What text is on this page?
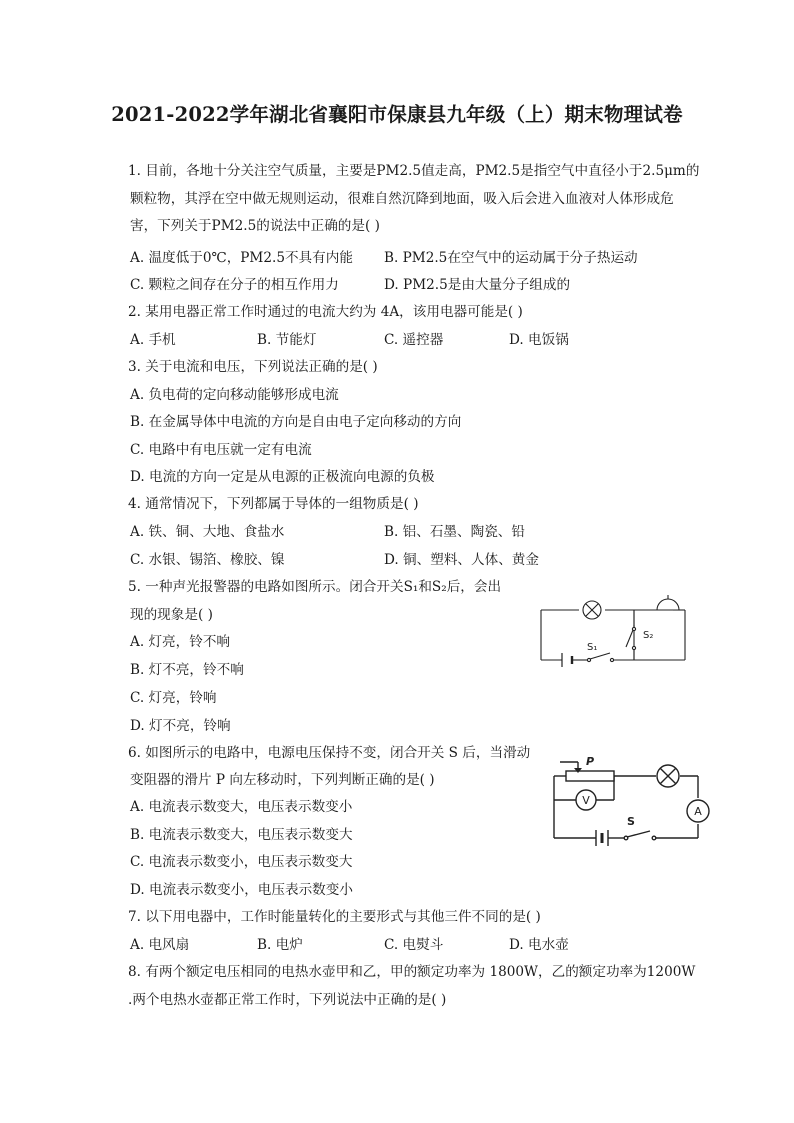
2021-2022学年湖北省襄阳市保康县九年级（上）期末物理试卷
1. 目前，各地十分关注空气质量，主要是PM2.5值走高，PM2.5是指空气中直径小于2.5μm的
颗粒物，其浮在空中做无规则运动，很难自然沉降到地面，吸入后会进入血液对人体形成危
害，下列关于PM2.5的说法中正确的是( )
A. 温度低于0℃，PM2.5不具有内能 B. PM2.5在空气中的运动属于分子热运动
C. 颗粒之间存在分子的相互作用力	D. PM2.5是由大量分子组成的
2. 某用电器正常工作时通过的电流大约为 4A，该用电器可能是( )
A. 手机	B. 节能灯	C. 遥控器	D. 电饭锅
3. 关于电流和电压，下列说法正确的是( )
A. 负电荷的定向移动能够形成电流
B. 在金属导体中电流的方向是自由电子定向移动的方向
C. 电路中有电压就一定有电流
D. 电流的方向一定是从电源的正极流向电源的负极
4. 通常情况下，下列都属于导体的一组物质是( )
A. 铁、铜、大地、食盐水	B. 铝、石墨、陶瓷、铅
C. 水银、锡箔、橡胶、镍	D. 铜、塑料、人体、黄金
5. 一种声光报警器的电路如图所示。闭合开关S₁和S₂后，会出
现的现象是( )
A. 灯亮，铃不响
B. 灯不亮，铃不响
C. 灯亮，铃响
D. 灯不亮，铃响
S₁
S₂
6. 如图所示的电路中，电源电压保持不变，闭合开关 S 后，当滑动
变阻器的滑片 P 向左移动时，下列判断正确的是( )
A. 电流表示数变大，电压表示数变小
B. 电流表示数变大，电压表示数变大
C. 电流表示数变小，电压表示数变大
D. 电流表示数变小，电压表示数变小
P
V
A
S
7. 以下用电器中，工作时能量转化的主要形式与其他三件不同的是( )
A. 电风扇	B. 电炉	C. 电熨斗	D. 电水壶
8. 有两个额定电压相同的电热水壶甲和乙，甲的额定功率为 1800W，乙的额定功率为1200W
.两个电热水壶都正常工作时，下列说法中正确的是( )
